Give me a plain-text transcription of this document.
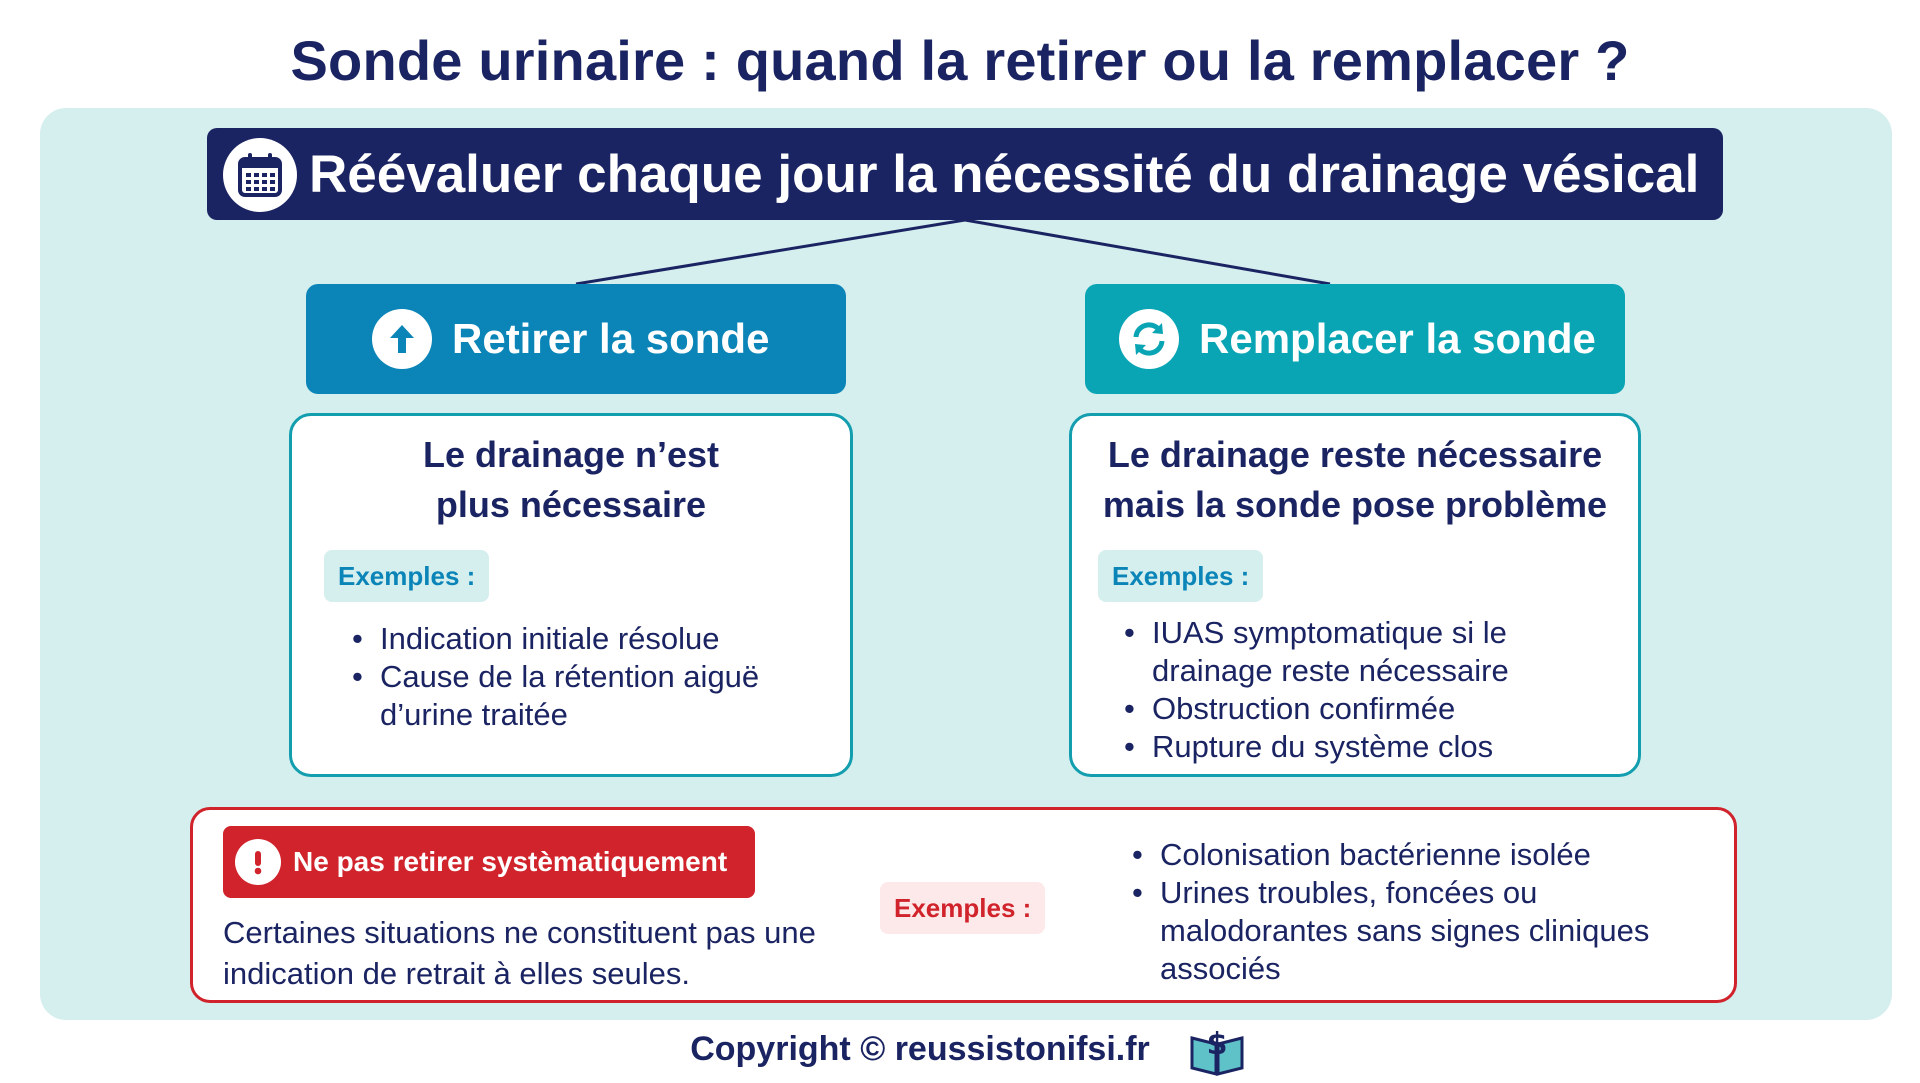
Sonde urinaire : quand la retirer ou la remplacer ?
Réévaluer chaque jour la nécessité du drainage vésical
Retirer la sonde
Le drainage n’est
plus nécessaire
Exemples :
• Indication initiale résolue
• Cause de la rétention aiguë d’urine traitée
Remplacer la sonde
Le drainage reste nécessaire
mais la sonde pose problème
Exemples :
• IUAS symptomatique si le drainage reste nécessaire
• Obstruction confirmée
• Rupture du système clos
Ne pas retirer systèmatiquement
Certaines situations ne constituent pas une indication de retrait à elles seules.
Exemples :
• Colonisation bactérienne isolée
• Urines troubles, foncées ou malodorantes sans signes cliniques associés
Copyright © reussistonifsi.fr	$
